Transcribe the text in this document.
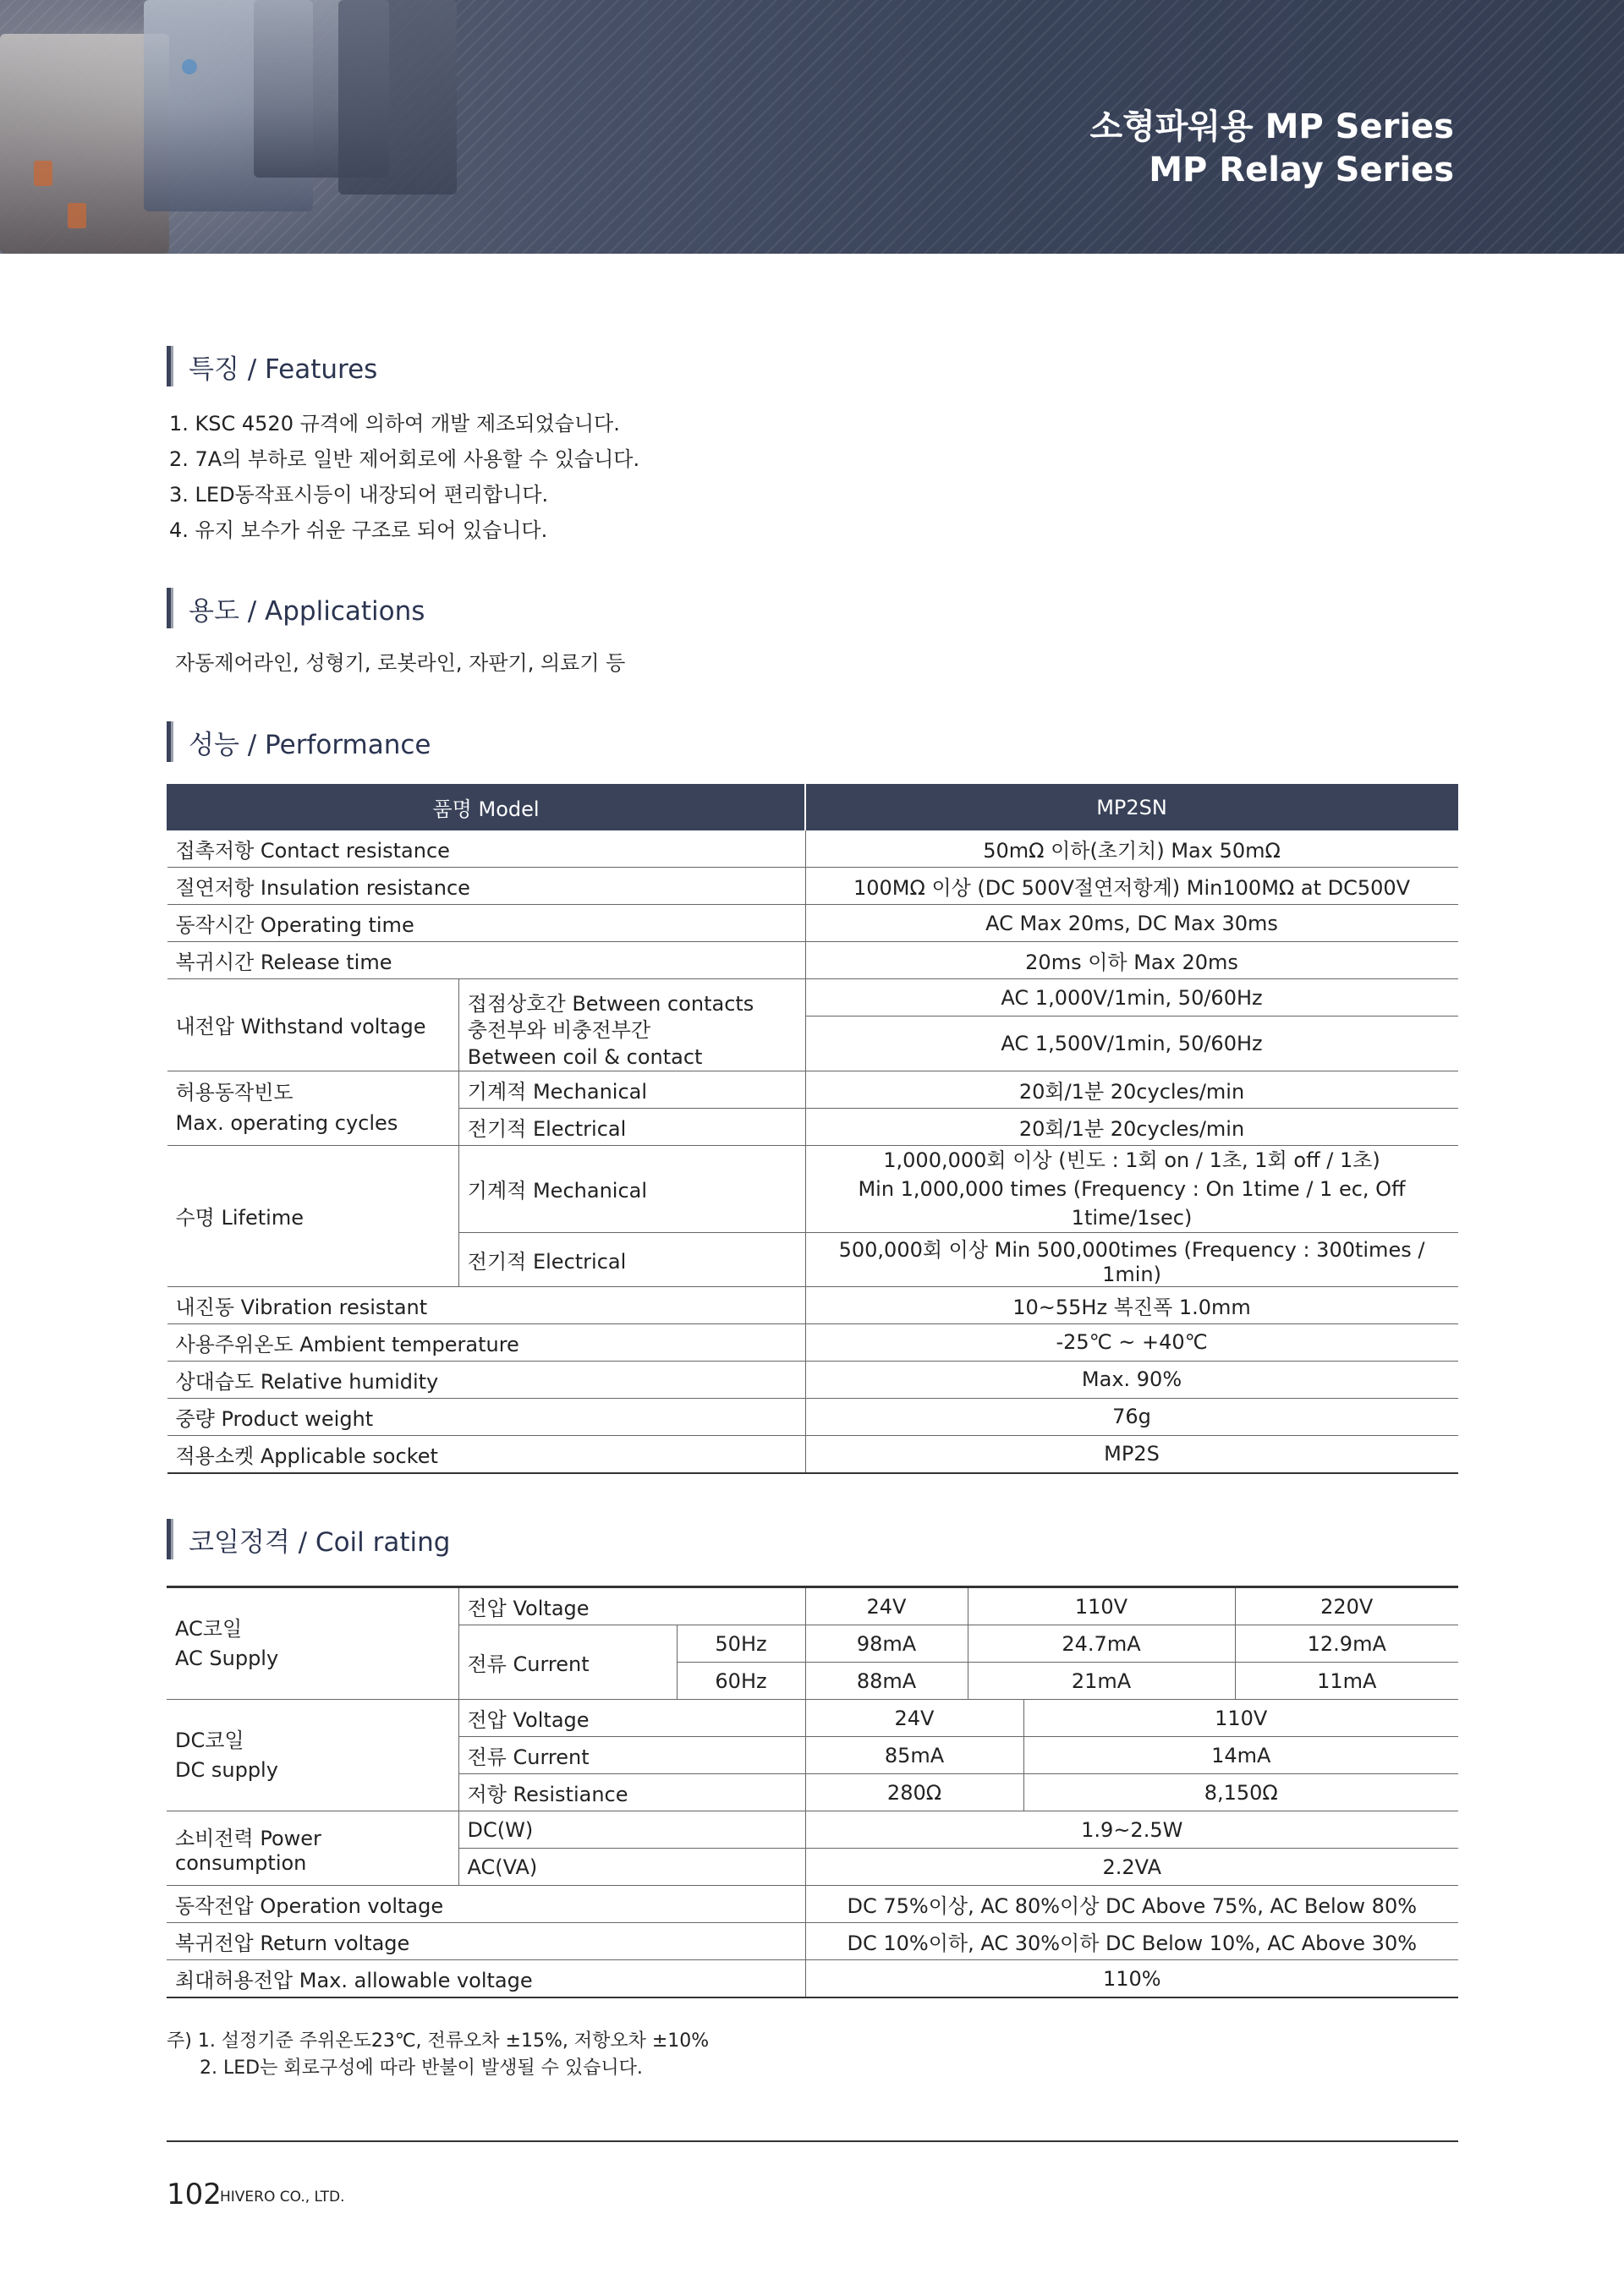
소형파워용 MP Series
MP Relay Series
특징 / Features
1. KSC 4520 규격에 의하여 개발 제조되었습니다.
2. 7A의 부하로 일반 제어회로에 사용할 수 있습니다.
3. LED동작표시등이 내장되어 편리합니다.
4. 유지 보수가 쉬운 구조로 되어 있습니다.
용도 / Applications
자동제어라인, 성형기, 로봇라인, 자판기, 의료기 등
성능 / Performance
품명 Model		MP2SN
접촉저항 Contact resistance		50mΩ 이하(초기치) Max 50mΩ
절연저항 Insulation resistance		100MΩ 이상 (DC 500V절연저항계) Min100MΩ at DC500V
동작시간 Operating time		AC Max 20ms, DC Max 30ms
복귀시간 Release time		20ms 이하 Max 20ms
내전압 Withstand voltage	접점상호간 Between contacts	AC 1,000V/1min, 50/60Hz

	충전부와 비충전부간
Between coil & contact	AC 1,500V/1min, 50/60Hz

허용동작빈도
Max. operating cycles	기계적 Mechanical	20회/1분 20cycles/min
	전기적 Electrical	20회/1분 20cycles/min
수명 Lifetime	기계적 Mechanical	1,000,000회 이상 (빈도 : 1회 on / 1초, 1회 off / 1초)
Min 1,000,000 times (Frequency : On 1time / 1 ec, Off 1time/1sec)

	전기적 Electrical	500,000회 이상 Min 500,000times (Frequency : 300times / 1min)
내진동 Vibration resistant		10~55Hz 복진폭 1.0mm
사용주위온도 Ambient temperature		-25℃ ~ +40℃
상대습도 Relative humidity		Max. 90%
중량 Product weight		76g
적용소켓 Applicable socket		MP2S
코일정격 / Coil rating
AC코일
AC Supply	전압 Voltage		24V	110V		220V
	전류 Current	50Hz	98mA	24.7mA		12.9mA
		60Hz	88mA	21mA		11mA

DC코일
DC supply	전압 Voltage		24V		110V	
	전류 Current		85mA		14mA	
	저항 Resistiance		280Ω		8,150Ω	
소비전력 Power consumption	DC(W)		1.9~2.5W			
	AC(VA)		2.2VA			
동작전압 Operation voltage			DC 75%이상, AC 80%이상 DC Above 75%, AC Below 80%			
복귀전압 Return voltage			DC 10%이하, AC 30%이하 DC Below 10%, AC Above 30%			
최대허용전압 Max. allowable voltage			110%			
주) 1. 설정기준 주위온도23℃, 전류오차 ±15%, 저항오차 ±10%
2. LED는 회로구성에 따라 반불이 발생될 수 있습니다.
102
HIVERO CO., LTD.
